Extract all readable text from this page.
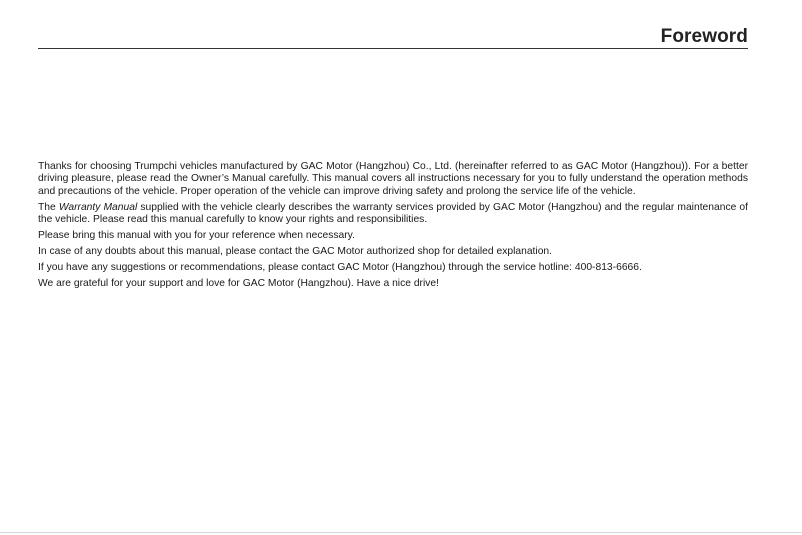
Foreword

Thanks for choosing Trumpchi vehicles manufactured by GAC Motor (Hangzhou) Co., Ltd. (hereinafter referred to as GAC Motor (Hangzhou)). For a better driving pleasure, please read the Owner’s Manual carefully. This manual covers all instructions necessary for you to fully understand the operation methods and precautions of the vehicle. Proper operation of the vehicle can improve driving safety and prolong the service life of the vehicle.

The Warranty Manual supplied with the vehicle clearly describes the warranty services provided by GAC Motor (Hangzhou) and the regular maintenance of the vehicle. Please read this manual carefully to know your rights and responsibilities.

Please bring this manual with you for your reference when necessary.

In case of any doubts about this manual, please contact the GAC Motor authorized shop for detailed explanation.

If you have any suggestions or recommendations, please contact GAC Motor (Hangzhou) through the service hotline: 400-813-6666.

We are grateful for your support and love for GAC Motor (Hangzhou). Have a nice drive!
